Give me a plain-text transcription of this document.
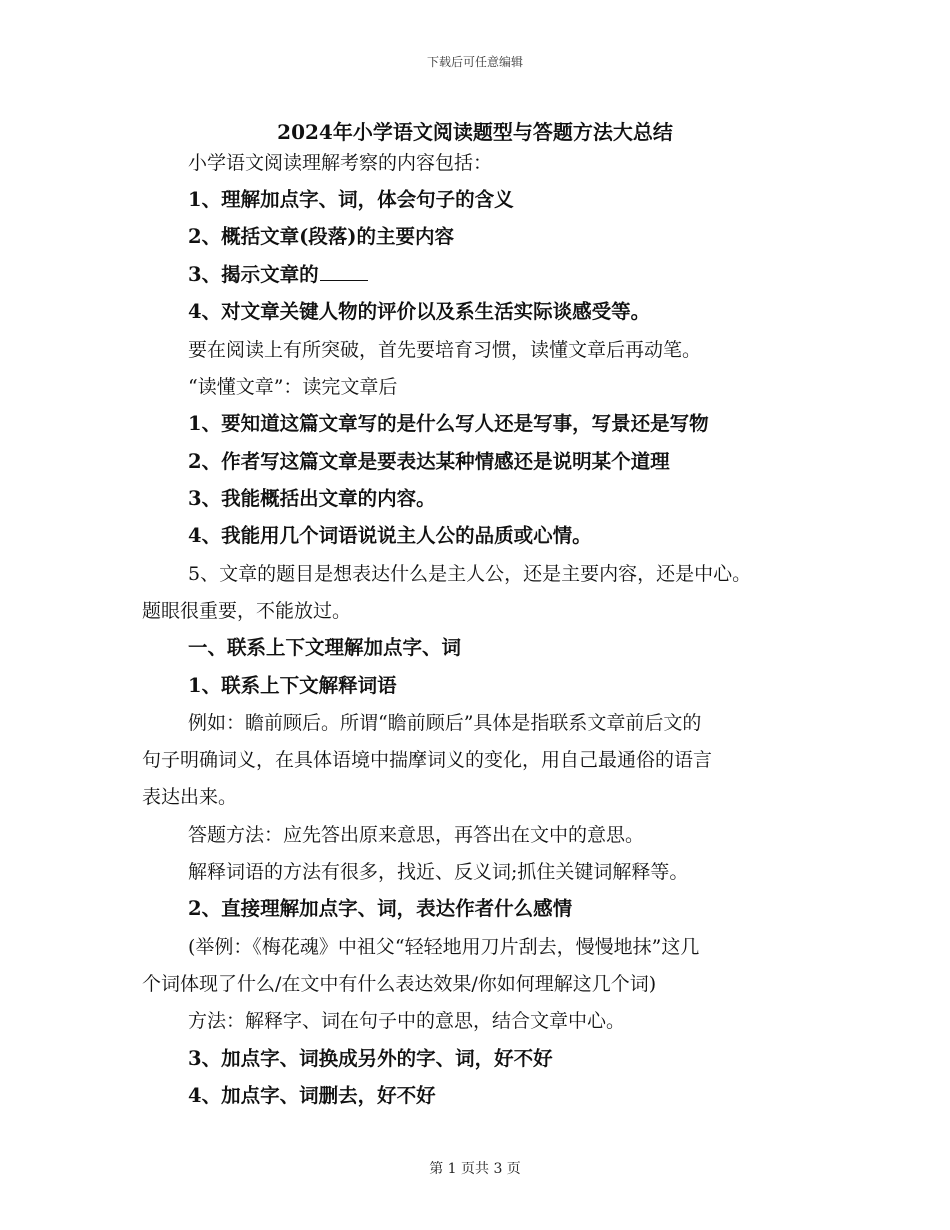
下载后可任意编辑
2024年小学语文阅读题型与答题方法大总结
小学语文阅读理解考察的内容包括：
1、理解加点字、词，体会句子的含义
2、概括文章(段落)的主要内容
3、揭示文章的
4、对文章关键人物的评价以及系生活实际谈感受等。
要在阅读上有所突破，首先要培育习惯，读懂文章后再动笔。
“读懂文章”：读完文章后
1、要知道这篇文章写的是什么写人还是写事，写景还是写物
2、作者写这篇文章是要表达某种情感还是说明某个道理
3、我能概括出文章的内容。
4、我能用几个词语说说主人公的品质或心情。
5、文章的题目是想表达什么是主人公，还是主要内容，还是中心。
题眼很重要，不能放过。
一、联系上下文理解加点字、词
1、联系上下文解释词语
例如：瞻前顾后。所谓“瞻前顾后”具体是指联系文章前后文的
句子明确词义，在具体语境中揣摩词义的变化，用自己最通俗的语言
表达出来。
答题方法：应先答出原来意思，再答出在文中的意思。
解释词语的方法有很多，找近、反义词;抓住关键词解释等。
2、直接理解加点字、词，表达作者什么感情
(举例：《梅花魂》中祖父“轻轻地用刀片刮去，慢慢地抹”这几
个词体现了什么/在文中有什么表达效果/你如何理解这几个词)
方法：解释字、词在句子中的意思，结合文章中心。
3、加点字、词换成另外的字、词，好不好
4、加点字、词删去，好不好
第 1 页共 3 页
